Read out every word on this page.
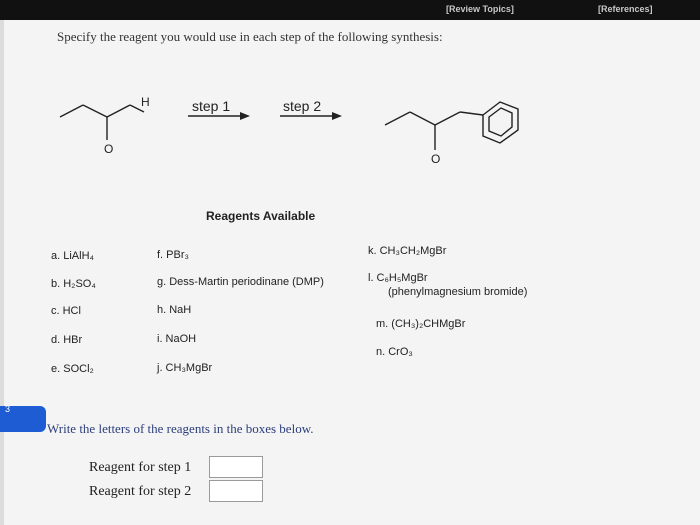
[Review Topics]	[References]
Specify the reagent you would use in each step of the following synthesis:
H
O
step 1	step 2
O
Reagents Available
a. LiAlH₄
b. H₂SO₄
c. HCl
d. HBr
e. SOCl₂
f. PBr₃
g. Dess-Martin periodinane (DMP)
h. NaH
i. NaOH
j. CH₃MgBr
k. CH₃CH₂MgBr
l. C₆H₅MgBr
(phenylmagnesium bromide)
m. (CH₃)₂CHMgBr
n. CrO₃
3
Write the letters of the reagents in the boxes below.
Reagent for step 1
Reagent for step 2
